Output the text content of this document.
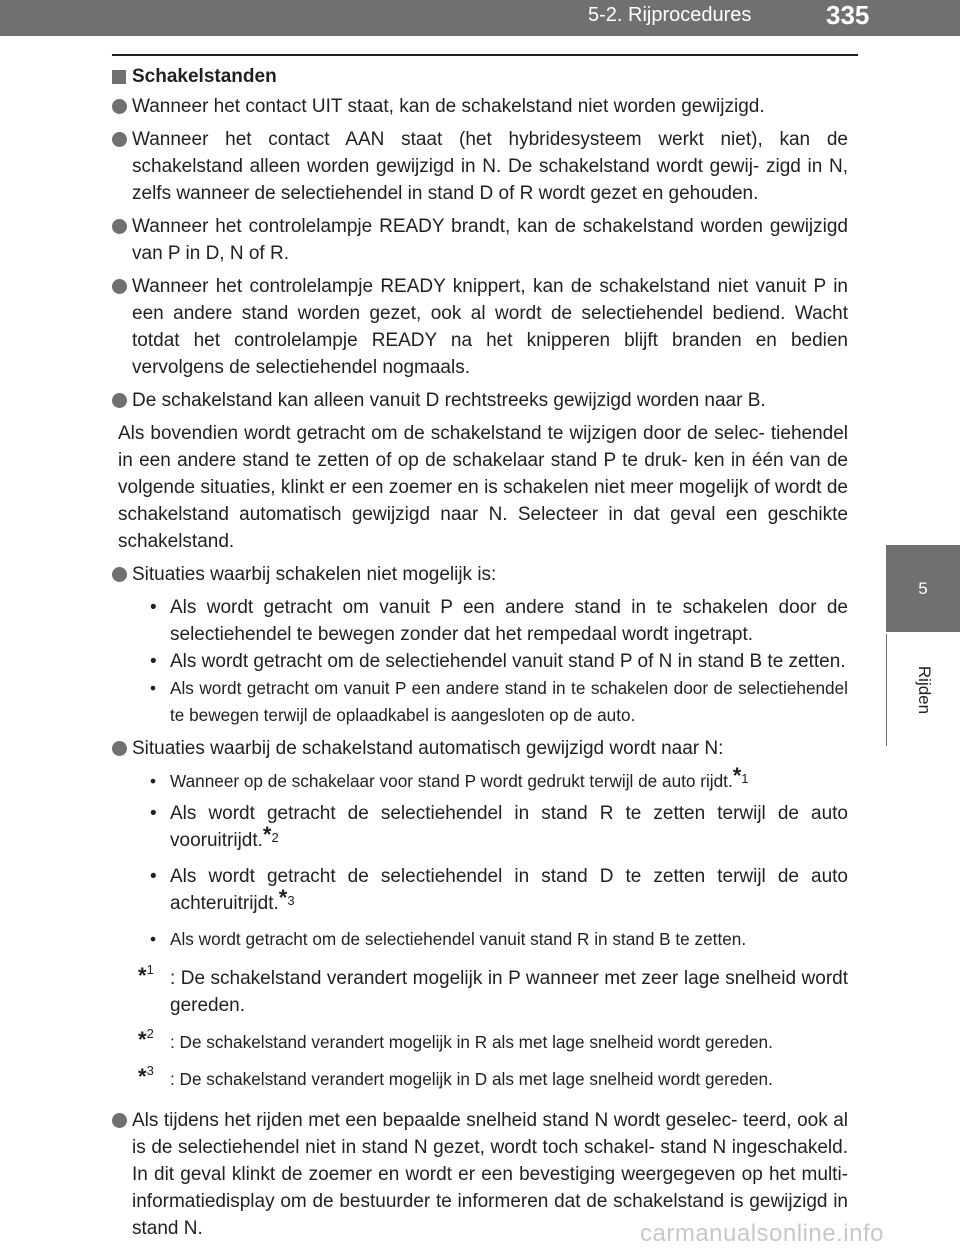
5-2. Rijprocedures	335
5
Rijden
Schakelstanden
Wanneer het contact UIT staat, kan de schakelstand niet worden gewijzigd.
Wanneer het contact AAN staat (het hybridesysteem werkt niet), kan de schakelstand alleen worden gewijzigd in N. De schakelstand wordt gewij- zigd in N, zelfs wanneer de selectiehendel in stand D of R wordt gezet en gehouden.
Wanneer het controlelampje READY brandt, kan de schakelstand worden gewijzigd van P in D, N of R.
Wanneer het controlelampje READY knippert, kan de schakelstand niet vanuit P in een andere stand worden gezet, ook al wordt de selectiehendel bediend. Wacht totdat het controlelampje READY na het knipperen blijft branden en bedien vervolgens de selectiehendel nogmaals.
De schakelstand kan alleen vanuit D rechtstreeks gewijzigd worden naar B.
Als bovendien wordt getracht om de schakelstand te wijzigen door de selec- tiehendel in een andere stand te zetten of op de schakelaar stand P te druk- ken in één van de volgende situaties, klinkt er een zoemer en is schakelen niet meer mogelijk of wordt de schakelstand automatisch gewijzigd naar N. Selecteer in dat geval een geschikte schakelstand.
Situaties waarbij schakelen niet mogelijk is:
• Als wordt getracht om vanuit P een andere stand in te schakelen door de selectiehendel te bewegen zonder dat het rempedaal wordt ingetrapt.
• Als wordt getracht om de selectiehendel vanuit stand P of N in stand B te zetten.
• Als wordt getracht om vanuit P een andere stand in te schakelen door de selectiehendel te bewegen terwijl de oplaadkabel is aangesloten op de auto.
Situaties waarbij de schakelstand automatisch gewijzigd wordt naar N:
• Wanneer op de schakelaar voor stand P wordt gedrukt terwijl de auto rijdt.$^{*1}$
• Als wordt getracht de selectiehendel in stand R te zetten terwijl de auto vooruitrijdt.$^{*2}$
• Als wordt getracht de selectiehendel in stand D te zetten terwijl de auto achteruitrijdt.$^{*3}$
• Als wordt getracht om de selectiehendel vanuit stand R in stand B te zetten.
*$^1$ : De schakelstand verandert mogelijk in P wanneer met zeer lage snelheid wordt gereden.
*$^2$ : De schakelstand verandert mogelijk in R als met lage snelheid wordt gereden.
*$^3$ : De schakelstand verandert mogelijk in D als met lage snelheid wordt gereden.
Als tijdens het rijden met een bepaalde snelheid stand N wordt geselec- teerd, ook al is de selectiehendel niet in stand N gezet, wordt toch schakel- stand N ingeschakeld. In dit geval klinkt de zoemer en wordt er een bevestiging weergegeven op het multi-informatiedisplay om de bestuurder te informeren dat de schakelstand is gewijzigd in stand N.	carmanualsonline.info
